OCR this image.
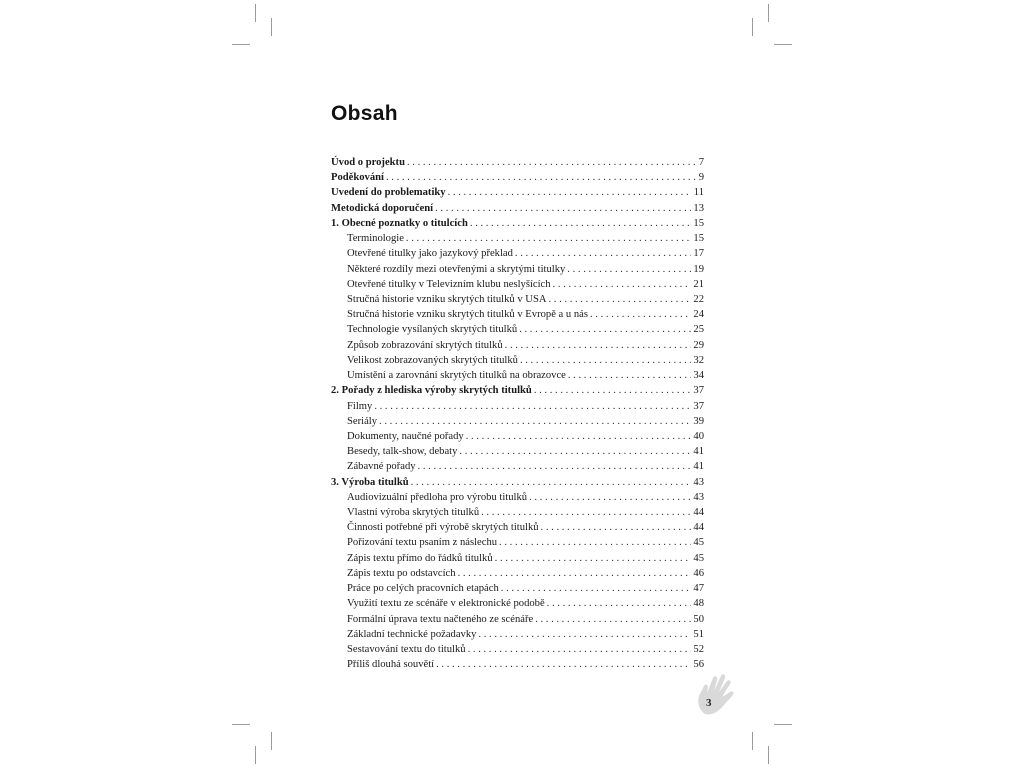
Obsah
Úvod o projektu . . .	7
Poděkování . . .	9
Uvedení do problematiky . . .	11
Metodická doporučení . . .	13
1. Obecné poznatky o titulcích . . .	15
Terminologie . . .	15
Otevřené titulky jako jazykový překlad . . .	17
Některé rozdíly mezi otevřenými a skrytými titulky . . .	19
Otevřené titulky v Televizním klubu neslyšících . . .	21
Stručná historie vzniku skrytých titulků v USA . . .	22
Stručná historie vzniku skrytých titulků v Evropě a u nás . . .	24
Technologie vysílaných skrytých titulků . . .	25
Způsob zobrazování skrytých titulků . . .	29
Velikost zobrazovaných skrytých titulků . . .	32
Umístění a zarovnání skrytých titulků na obrazovce . . .	34
2. Pořady z hlediska výroby skrytých titulků . . .	37
Filmy . . .	37
Seriály . . .	39
Dokumenty, naučné pořady . . .	40
Besedy, talk-show, debaty . . .	41
Zábavné pořady . . .	41
3. Výroba titulků . . .	43
Audiovizuální předloha pro výrobu titulků . . .	43
Vlastní výroba skrytých titulků . . .	44
Činnosti potřebné při výrobě skrytých titulků . . .	44
Pořizování textu psaním z náslechu . . .	45
Zápis textu přímo do řádků titulků . . .	45
Zápis textu po odstavcích . . .	46
Práce po celých pracovních etapách . . .	47
Využití textu ze scénáře v elektronické podobě . . .	48
Formální úprava textu načteného ze scénáře . . .	50
Základní technické požadavky . . .	51
Sestavování textu do titulků . . .	52
Příliš dlouhá souvětí . . .	56
3
